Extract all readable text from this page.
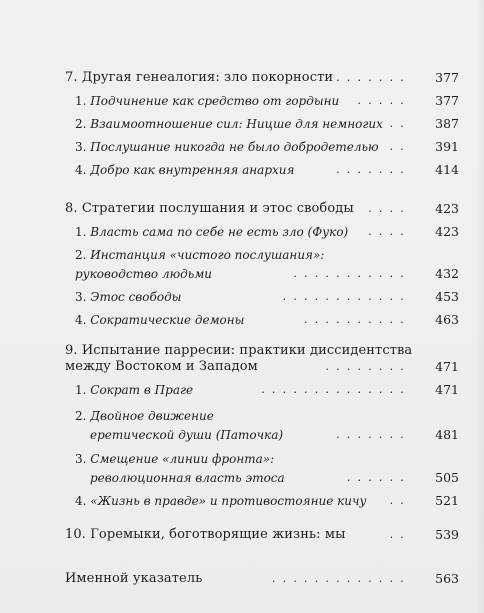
7. Другая генеалогия: зло покорности .......	377
1. Подчинение как средство от гордыни	.....	377
2. Взаимоотношение сил: Ницше для немногих ..	387
3. Послушание никогда не было добродетелью	..	391
4. Добро как внутренняя анархия	.......	414
8. Стратегии послушания и этос свободы	....	423
1. Власть сама по себе не есть зло (Фуко)	....	423
2. Инстанция «чистого послушания»:
руководство людьми	...........	432
3. Этос свободы	............	453
4. Сократические демоны	..........	463
9. Испытание парресии: практики диссидентства
между Востоком и Западом	........	471
1. Сократ в Праге	..............	471
2. Двойное движение
еретической души (Паточка)	.......	481
3. Смещение «линии фронта»:
революционная власть этоса	......	505
4. «Жизнь в правде» и противостояние кичу	..	521
10. Горемыки, боготворящие жизнь: мы	..	539
Именной указатель	.............	563
